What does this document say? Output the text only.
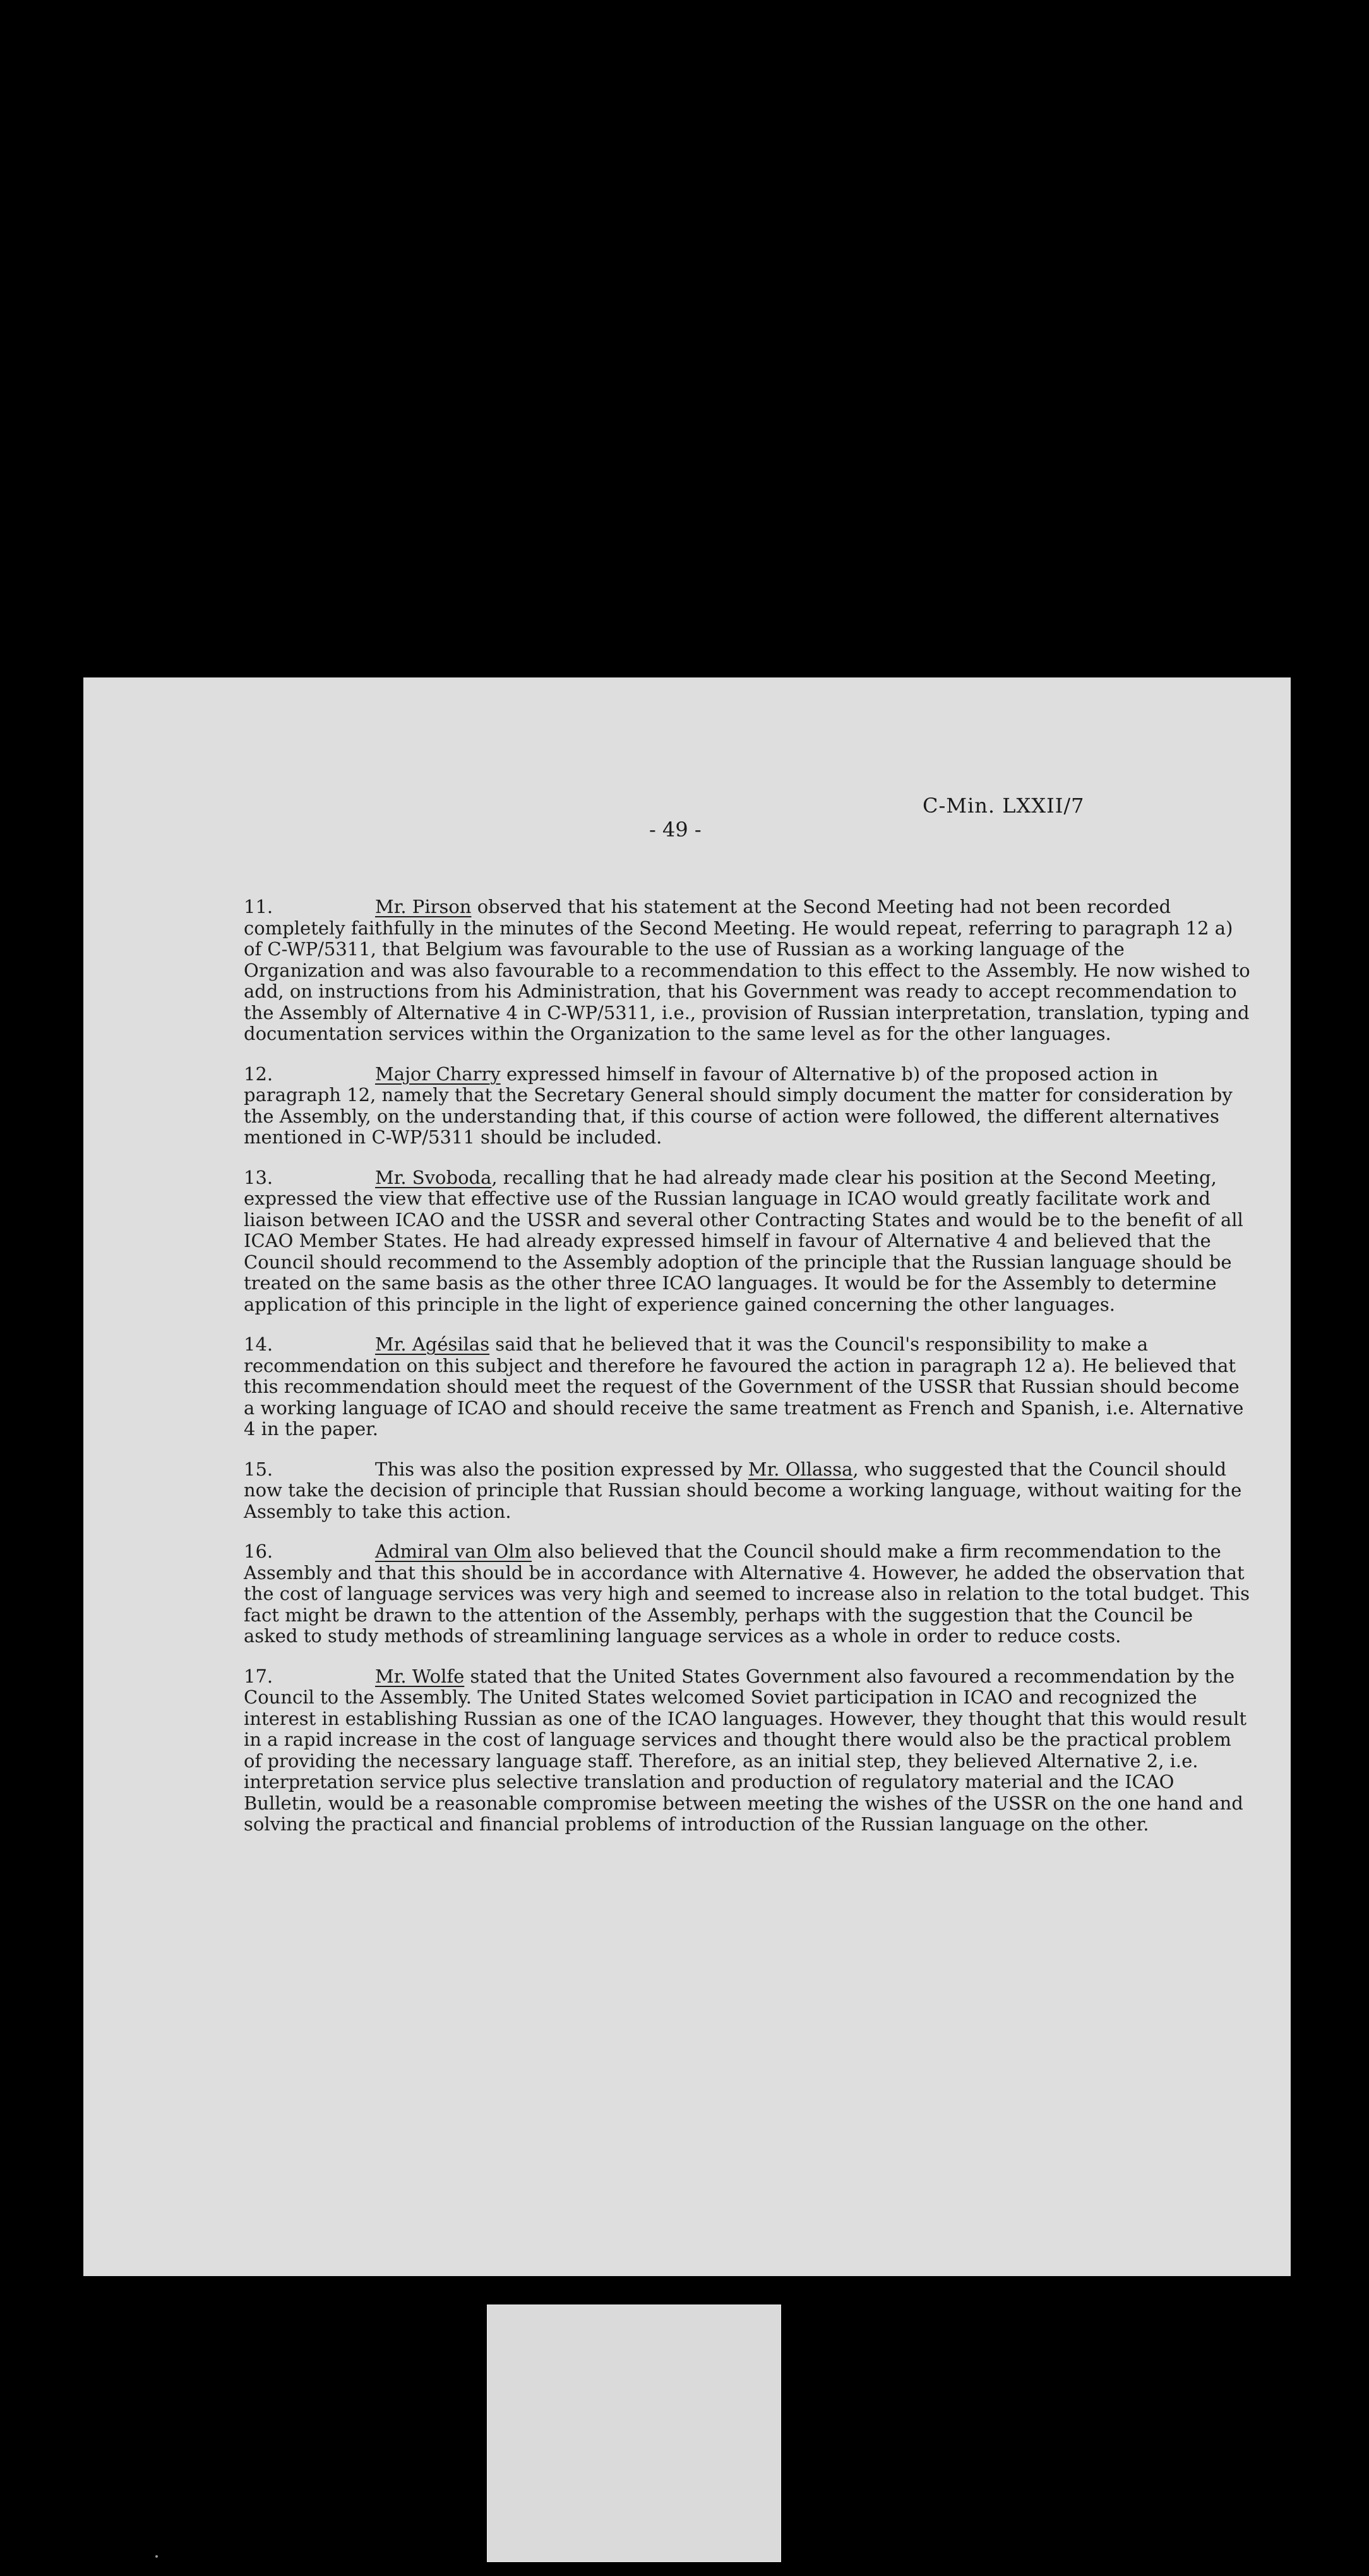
C-Min. LXXII/7
- 49 -

11.	Mr. Pirson observed that his statement at the Second Meeting had not been recorded completely faithfully in the minutes of the Second Meeting. He would repeat, referring to paragraph 12 a) of C-WP/5311, that Belgium was favourable to the use of Russian as a working language of the Organization and was also favourable to a recommendation to this effect to the Assembly. He now wished to add, on instructions from his Administration, that his Government was ready to accept recommendation to the Assembly of Alternative 4 in C-WP/5311, i.e., provision of Russian interpretation, translation, typing and documentation services within the Organization to the same level as for the other languages.

12.	Major Charry expressed himself in favour of Alternative b) of the proposed action in paragraph 12, namely that the Secretary General should simply document the matter for consideration by the Assembly, on the understanding that, if this course of action were followed, the different alternatives mentioned in C-WP/5311 should be included.

13.	Mr. Svoboda, recalling that he had already made clear his position at the Second Meeting, expressed the view that effective use of the Russian language in ICAO would greatly facilitate work and liaison between ICAO and the USSR and several other Contracting States and would be to the benefit of all ICAO Member States. He had already expressed himself in favour of Alternative 4 and believed that the Council should recommend to the Assembly adoption of the principle that the Russian language should be treated on the same basis as the other three ICAO languages. It would be for the Assembly to determine application of this principle in the light of experience gained concerning the other languages.

14.	Mr. Agésilas said that he believed that it was the Council's responsibility to make a recommendation on this subject and therefore he favoured the action in paragraph 12 a). He believed that this recommendation should meet the request of the Government of the USSR that Russian should become a working language of ICAO and should receive the same treatment as French and Spanish, i.e. Alternative 4 in the paper.

15.	This was also the position expressed by Mr. Ollassa, who suggested that the Council should now take the decision of principle that Russian should become a working language, without waiting for the Assembly to take this action.

16.	Admiral van Olm also believed that the Council should make a firm recommendation to the Assembly and that this should be in accordance with Alternative 4. However, he added the observation that the cost of language services was very high and seemed to increase also in relation to the total budget. This fact might be drawn to the attention of the Assembly, perhaps with the suggestion that the Council be asked to study methods of streamlining language services as a whole in order to reduce costs.

17.	Mr. Wolfe stated that the United States Government also favoured a recommendation by the Council to the Assembly. The United States welcomed Soviet participation in ICAO and recognized the interest in establishing Russian as one of the ICAO languages. However, they thought that this would result in a rapid increase in the cost of language services and thought there would also be the practical problem of providing the necessary language staff. Therefore, as an initial step, they believed Alternative 2, i.e. interpretation service plus selective translation and production of regulatory material and the ICAO Bulletin, would be a reasonable compromise between meeting the wishes of the USSR on the one hand and solving the practical and financial problems of introduction of the Russian language on the other.
